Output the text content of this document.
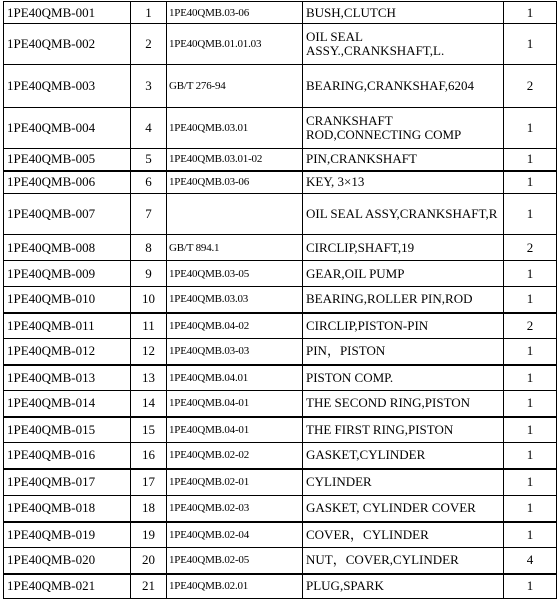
1PE40QMB-001	1	1PE40QMB.03-06	BUSH,CLUTCH	1
1PE40QMB-002	2	1PE40QMB.01.01.03	OIL SEAL ASSY.,CRANKSHAFT,L.	1
1PE40QMB-003	3	GB/T 276-94	BEARING,CRANKSHAF,6204	2
1PE40QMB-004	4	1PE40QMB.03.01	CRANKSHAFT ROD,CONNECTING COMP	1
1PE40QMB-005	5	1PE40QMB.03.01-02	PIN,CRANKSHAFT	1
1PE40QMB-006	6	1PE40QMB.03-06	KEY, 3×13	1
1PE40QMB-007	7		OIL SEAL ASSY,CRANKSHAFT,R	1
1PE40QMB-008	8	GB/T 894.1	CIRCLIP,SHAFT,19	2
1PE40QMB-009	9	1PE40QMB.03-05	GEAR,OIL PUMP	1
1PE40QMB-010	10	1PE40QMB.03.03	BEARING,ROLLER PIN,ROD	1
1PE40QMB-011	11	1PE40QMB.04-02	CIRCLIP,PISTON-PIN	2
1PE40QMB-012	12	1PE40QMB.03-03	PIN，PISTON	1
1PE40QMB-013	13	1PE40QMB.04.01	PISTON COMP.	1
1PE40QMB-014	14	1PE40QMB.04-01	THE SECOND RING,PISTON	1
1PE40QMB-015	15	1PE40QMB.04-01	THE FIRST RING,PISTON	1
1PE40QMB-016	16	1PE40QMB.02-02	GASKET,CYLINDER	1
1PE40QMB-017	17	1PE40QMB.02-01	CYLINDER	1
1PE40QMB-018	18	1PE40QMB.02-03	GASKET, CYLINDER COVER	1
1PE40QMB-019	19	1PE40QMB.02-04	COVER，CYLINDER	1
1PE40QMB-020	20	1PE40QMB.02-05	NUT，COVER,CYLINDER	4
1PE40QMB-021	21	1PE40QMB.02.01	PLUG,SPARK	1
